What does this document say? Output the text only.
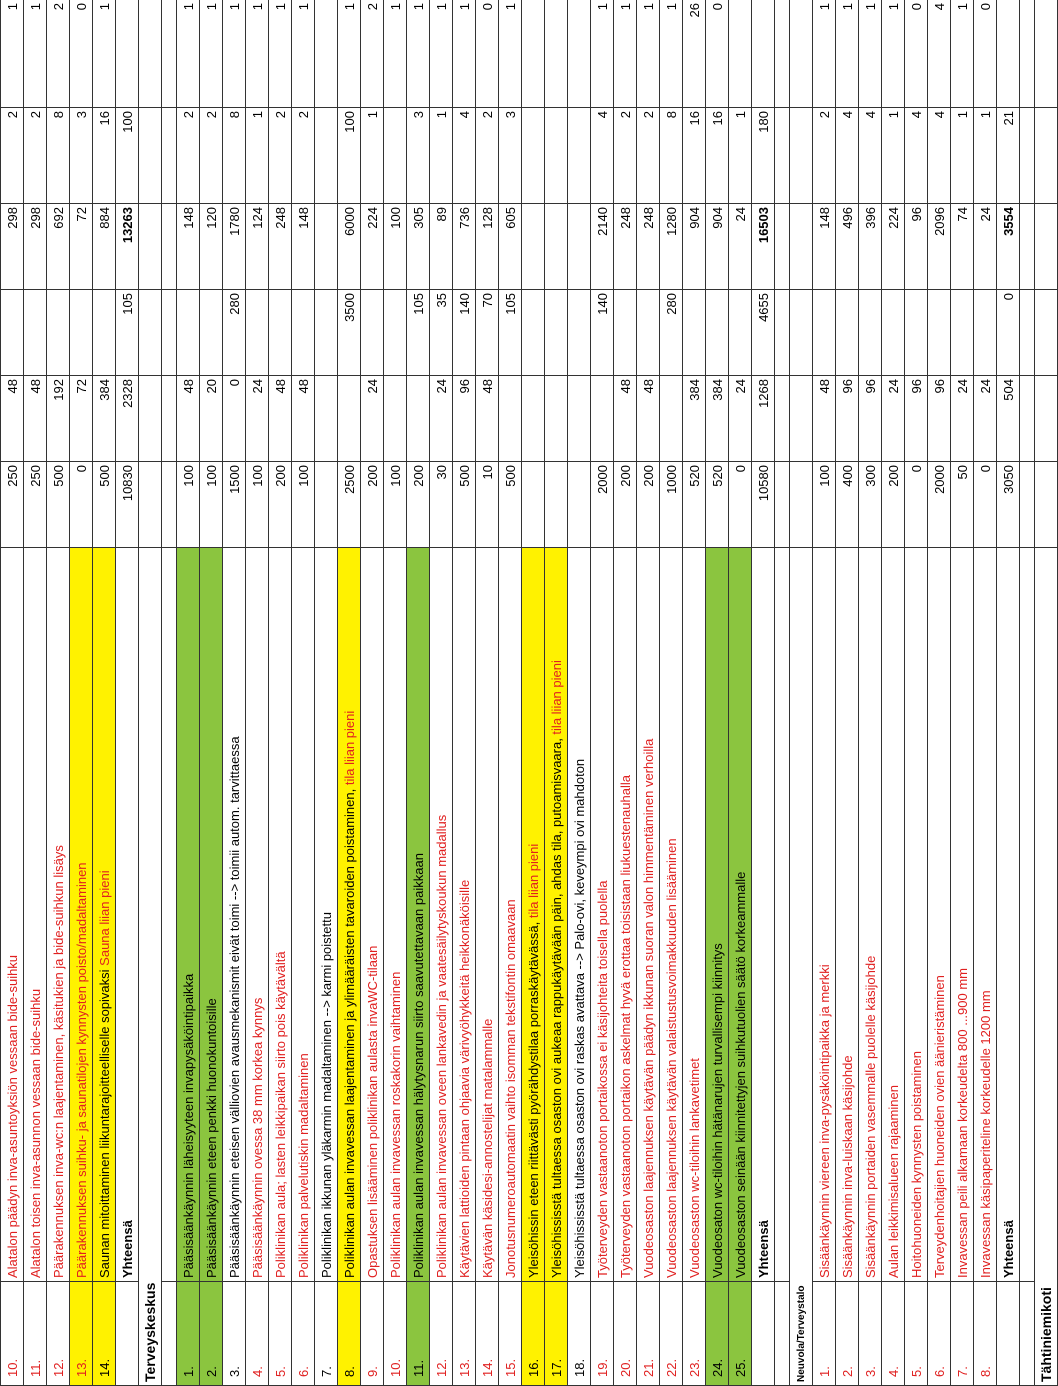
10.	Alatalon päädyn inva-asuntoyksiön vessaan bide-suihku	250	48		298	2	1
11.	Alatalon toisen inva-asunnon vessaan bide-suihku	250	48		298	2	1
12.	Päärakennuksen inva-wc:n laajentaminen, käsitukien ja bide-suihkun lisäys	500	192		692	8	2
13.	Päärakennuksen suihku- ja saunatilojen kynnysten poisto/madaltaminen	0	72		72	3	0
14.	Saunan mitoittaminen liikuntarajoitteelliselle sopivaksi Sauna liian pieni	500	384		884	16	1
	Yhteensä	10830	2328	105	13263	100	
Terveyskeskus							

1.	Pääsisäänkäynnin läheisyyteen invapysäköintipaikka	100	48		148	2	1
2.	Pääsisäänkäynnin eteen penkki huonokuntoisille	100	20		120	2	1
3.	Pääsisäänkäynnin eteisen välliovien avausmekanismit eivät toimi --> toimii autom. tarvittaessa	1500	0	280	1780	8	1
4.	Pääsisäänkäynnin ovessa 38 mm korkea kynnys	100	24		124	1	1
5.	Poliklinikan aula; lasten leikkipaikan siirto pois käytävältä	200	48		248	2	1
6.	Poliklinikan palvelutiskin madaltaminen	100	48		148	2	1
7.	Poliklinikan ikkunan yläkarmin madaltaminen --> karmi poistettu						
8.	Poliklinikan aulan invavessan laajentaminen ja ylimääräisten tavaroiden poistaminen, tila liian pieni	2500		3500	6000	100	1
9.	Opastuksen lisääminen poliklinikan aulasta invaWC-tilaan	200	24		224	1	2
10.	Poliklinikan aulan invavessan roskakorin vaihtaminen	100			100		1
11.	Poliklinikan aulan invavessan hälytysnarun siirto saavutettavaan paikkaan	200		105	305	3	1
12.	Poliklinikan aulan invavessan oveen lankavedin ja vaatesäilytyskoukun madallus	30	24	35	89	1	1
13.	Käytävien lattioiden pintaan ohjaavia värivyöhykkeitä heikkonäköisille	500	96	140	736	4	1
14.	Käytävän käsidesi-annostelijat matalammalle	10	48	70	128	2	0
15.	Jonotusnumeroautomaatin vaihto isomman tekstifontin omaavaan	500		105	605	3	1
16.	Yleisöhissin eteen riittävästi pyörähdystilaa porraskäytävässä, tila liian pieni						
17.	Yleisöhississtä tultaessa osaston ovi aukeaa rappukäytävään päin, ahdas tila, putoamisvaara, tila liian pieni						
18.	Yleisöhississtä tultaessa osaston ovi raskas avattava --> Palo-ovi, keveympi ovi mahdoton						
19.	Työterveyden vastaanoton portaikossa ei käsijohteita toisella puolella	2000		140	2140	4	1
20.	Työterveyden vastaanoton portaikon askelmat hyvä erottaa toisistaan liukuestenauhalla	200	48		248	2	1
21.	Vuodeosaston laajennuksen käytävän päädyn ikkunan suoran valon himmentäminen verhoilla	200	48		248	2	1
22.	Vuodeosaston laajennuksen käytävän valaistustusvoimakkuuden lisääminen	1000		280	1280	8	1
23.	Vuodeosaston wc-tiloihin lankavetimet	520	384		904	16	26
24.	Vuodeosaton wc-tiloihin hätänarujen turvallisempi kiinnitys	520	384		904	16	0
25.	Vuodeosaston seinään kiinnitettyjen suihkutuolien säätö korkeammalle	0	24		24	1	
	Yhteensä	10580	1268	4655	16503	180	

Neuvola/Terveystalo							
1.	Sisäänkäynnin viereen inva-pysäköintipaikka ja merkki	100	48		148	2	1
2.	Sisäänkäynnin inva-luiskaan käsijohde	400	96		496	4	1
3.	Sisäänkäynnin portaiden vasemmalle puolelle käsijohde	300	96		396	4	1
4.	Aulan leikkimisalueen rajaaminen	200	24		224	1	1
5.	Hoitohuoneiden kynnysten poistaminen	0	96		96	4	0
6.	Terveydenhoitajien huoneiden ovien äänieristäminen	2000	96		2096	4	4
7.	Invavessan peili alkamaan korkeudelta 800 ...900 mm	50	24		74	1	1
8.	Invavessan käsipaperiteline korkeudelle 1200 mm	0	24		24	1	0
	Yhteensä	3050	504	0	3554	21	

Tähtiniemikoti							
